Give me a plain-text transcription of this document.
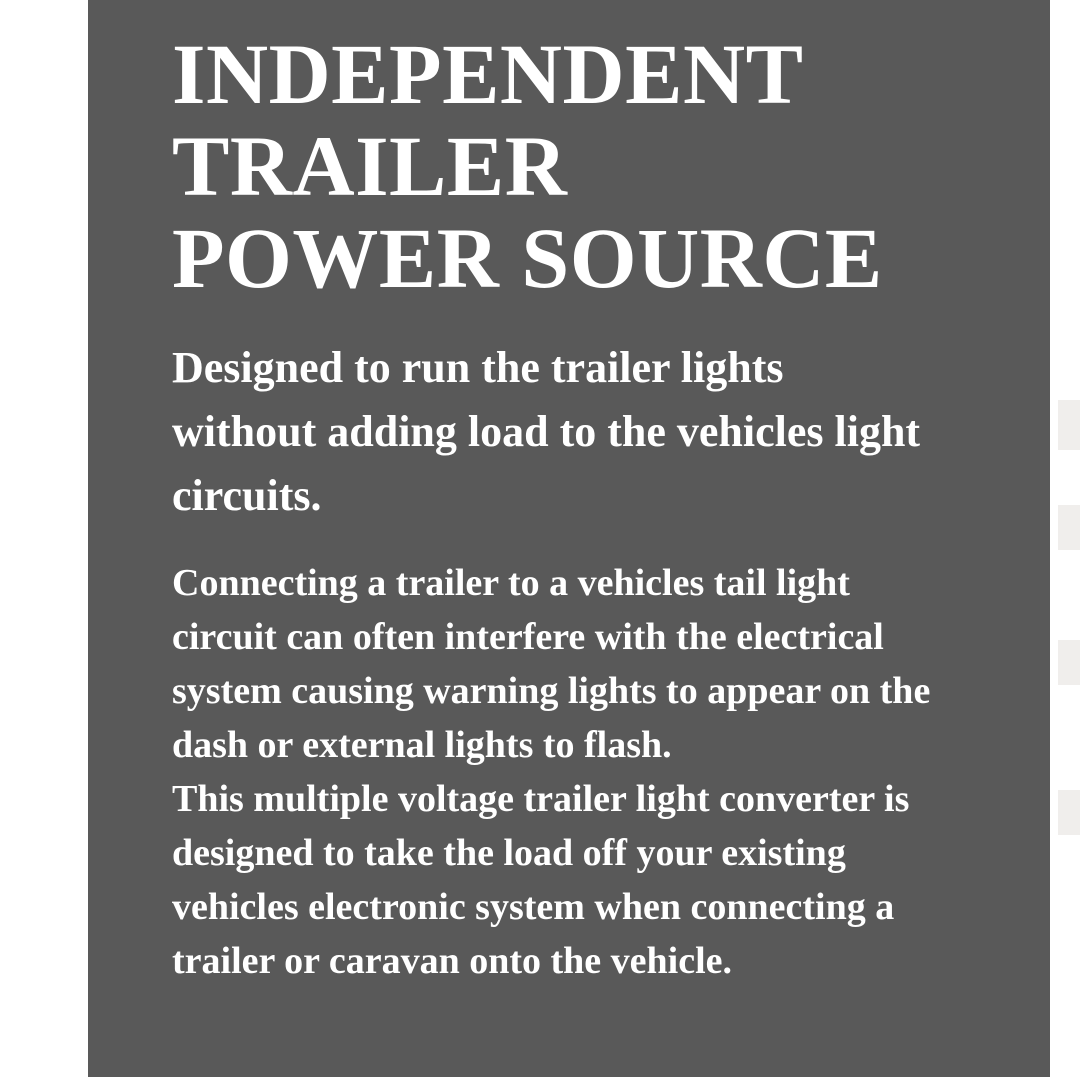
INDEPENDENT
TRAILER
POWER SOURCE

Designed to run the trailer lights without adding load to the vehicles light circuits.

Connecting a trailer to a vehicles tail light circuit can often interfere with the electrical system causing warning lights to appear on the dash or external lights to flash.

This multiple voltage trailer light converter is designed to take the load off your existing vehicles electronic system when connecting a trailer or caravan onto the vehicle.
